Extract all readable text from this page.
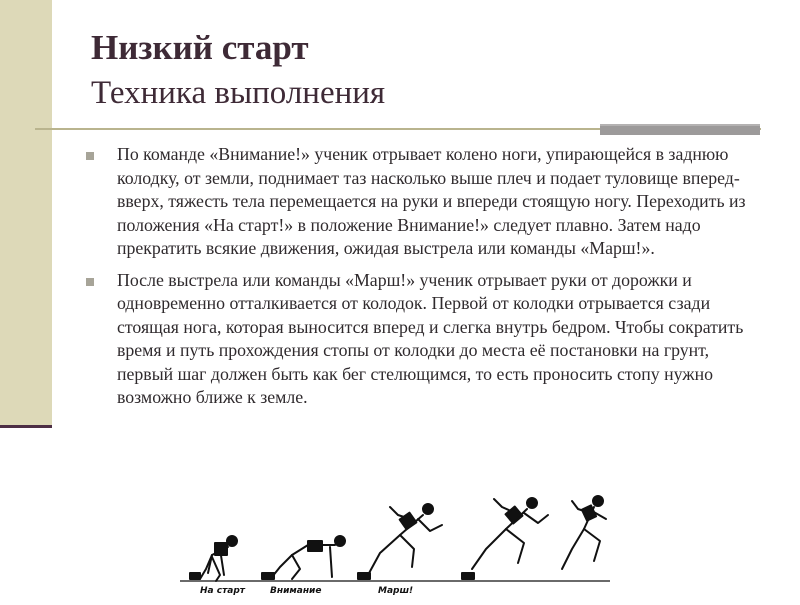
Низкий старт
Техника выполнения
По команде «Внимание!» ученик отрывает колено ноги, упирающейся в заднюю колодку, от земли, поднимает таз насколько выше плеч и подает туловище вперед-вверх, тяжесть тела перемещается на руки и впереди стоящую ногу. Переходить из положения «На старт!» в положение Внимание!» следует плавно. Затем надо прекратить всякие движения, ожидая выстрела или команды «Марш!».
После выстрела или команды «Марш!» ученик отрывает руки от дорожки и одновременно отталкивается от колодок. Первой от колодки отрывается сзади стоящая нога, которая выносится вперед и слегка внутрь бедром. Чтобы сократить время и путь прохождения стопы от колодки до места её постановки на грунт, первый шаг должен быть как бег стелющимся, то есть проносить стопу нужно возможно ближе к земле.
На старт	Внимание	Марш!
